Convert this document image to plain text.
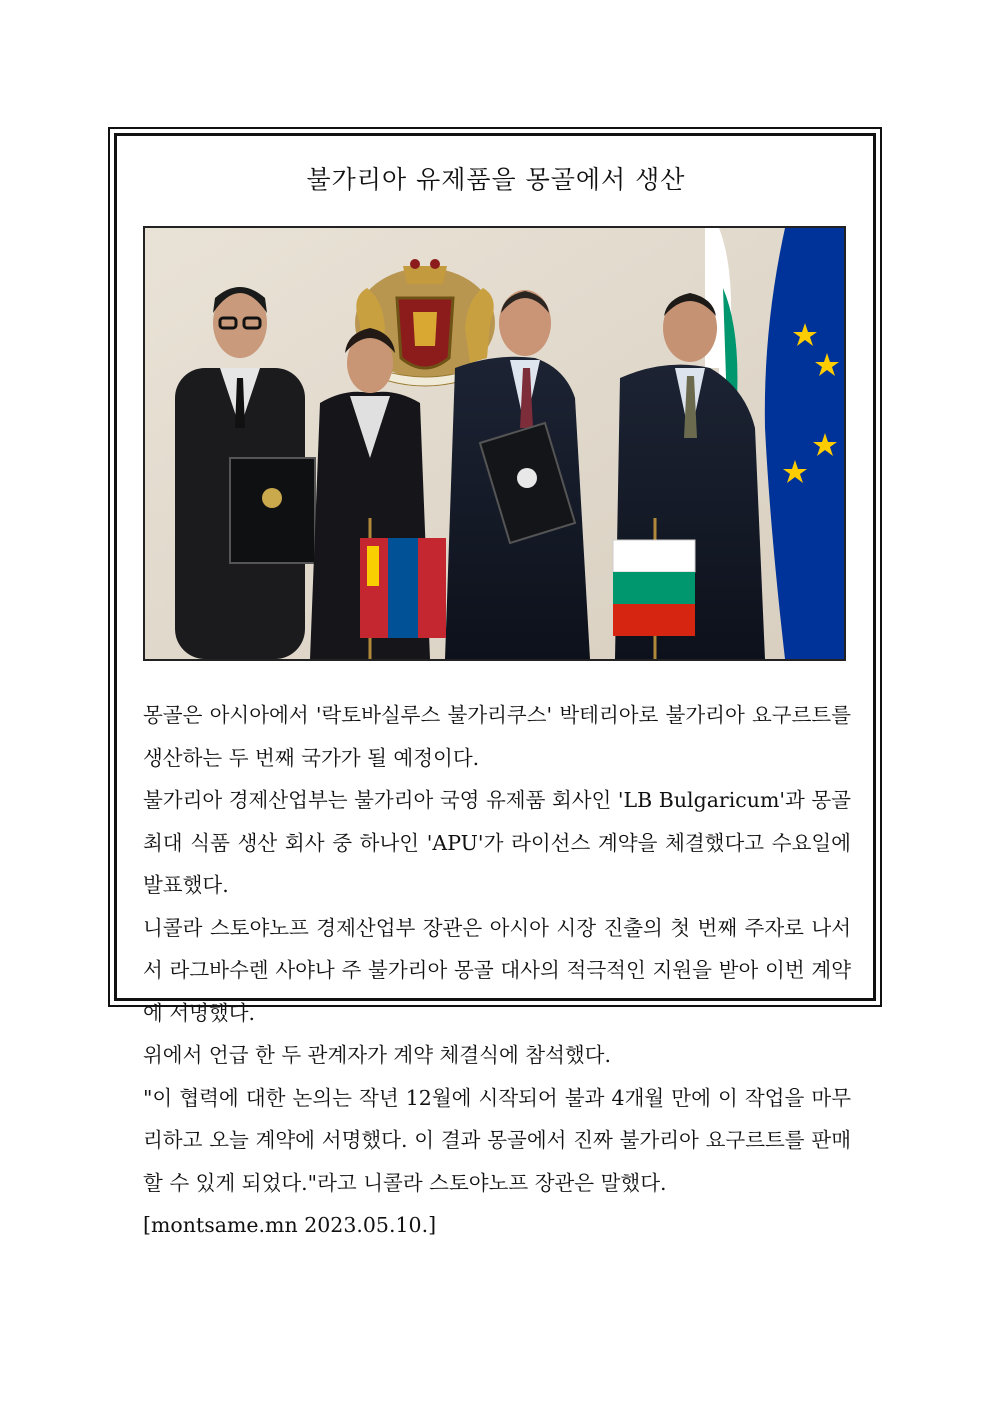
불가리아 유제품을 몽골에서 생산

몽골은 아시아에서 '락토바실루스 불가리쿠스' 박테리아로 불가리아 요구르트를 생산하는 두 번째 국가가 될 예정이다.

불가리아 경제산업부는 불가리아 국영 유제품 회사인 'LB Bulgaricum'과 몽골 최대 식품 생산 회사 중 하나인 'APU'가 라이선스 계약을 체결했다고 수요일에 발표했다.

니콜라 스토야노프 경제산업부 장관은 아시아 시장 진출의 첫 번째 주자로 나서서 라그바수렌 사야나 주 불가리아 몽골 대사의 적극적인 지원을 받아 이번 계약에 서명했다.

위에서 언급 한 두 관계자가 계약 체결식에 참석했다.

"이 협력에 대한 논의는 작년 12월에 시작되어 불과 4개월 만에 이 작업을 마무리하고 오늘 계약에 서명했다. 이 결과 몽골에서 진짜 불가리아 요구르트를 판매할 수 있게 되었다."라고 니콜라 스토야노프 장관은 말했다.

[montsame.mn 2023.05.10.]
